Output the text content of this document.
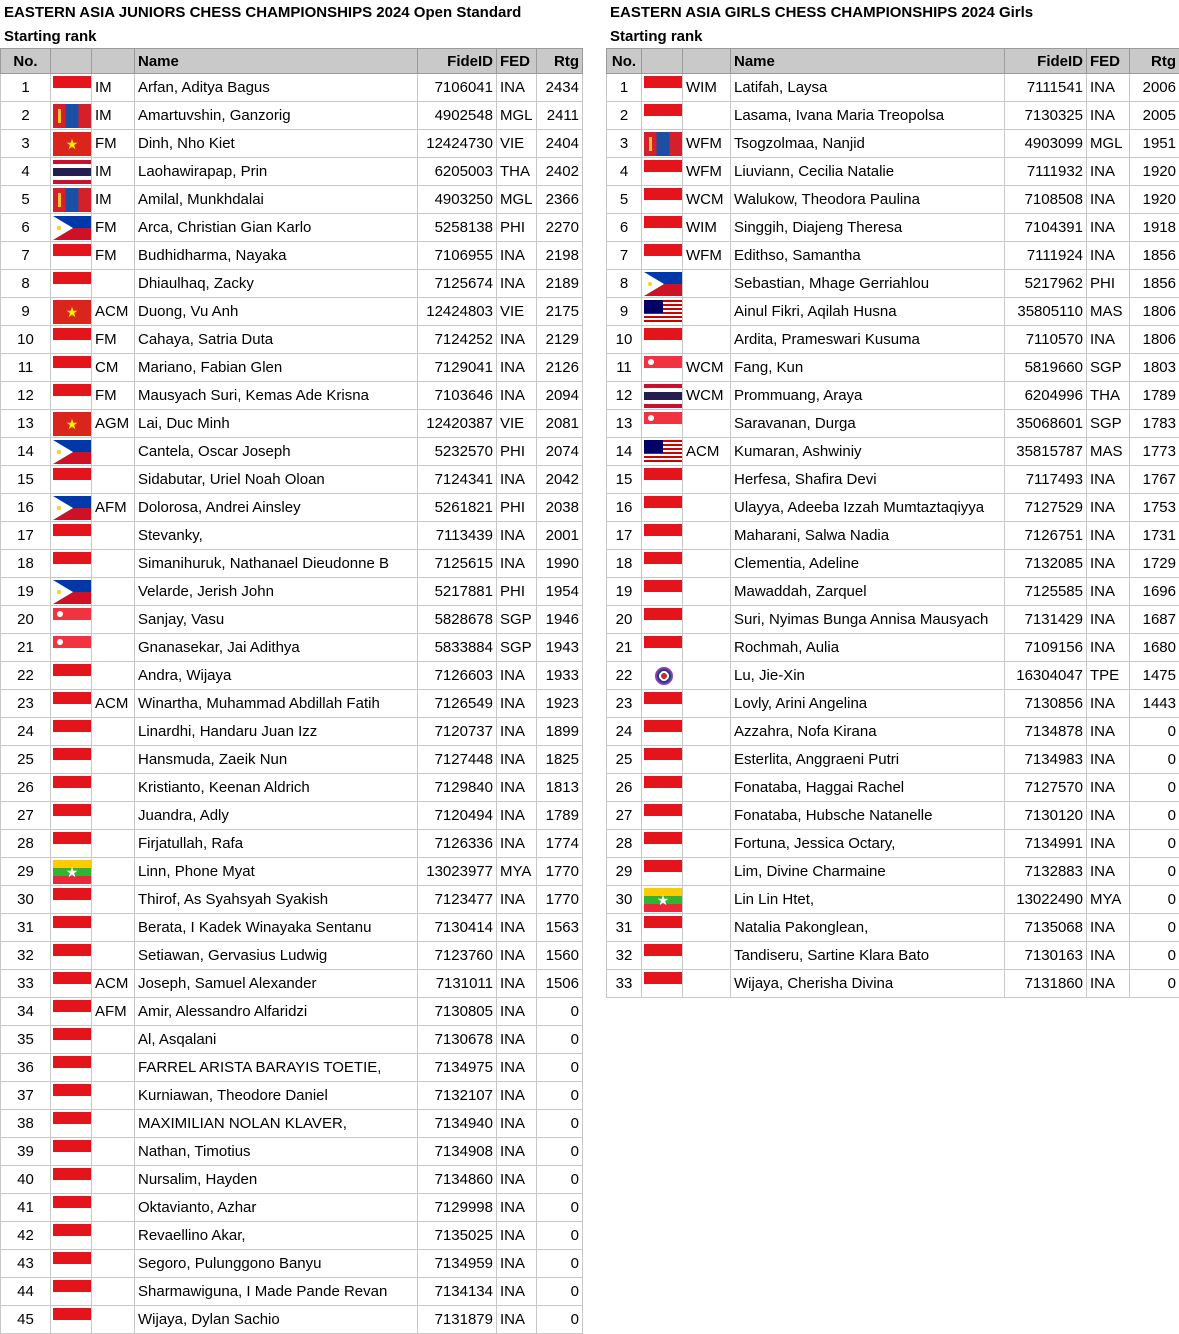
EASTERN ASIA JUNIORS CHESS CHAMPIONSHIPS 2024 Open Standard
Starting rank
No.			Name	FideID	FED	Rtg
1		IM	Arfan, Aditya Bagus	7106041	INA	2434
2		IM	Amartuvshin, Ganzorig	4902548	MGL	2411
3	★	FM	Dinh, Nho Kiet	12424730	VIE	2404
4		IM	Laohawirapap, Prin	6205003	THA	2402
5		IM	Amilal, Munkhdalai	4903250	MGL	2366
6		FM	Arca, Christian Gian Karlo	5258138	PHI	2270
7		FM	Budhidharma, Nayaka	7106955	INA	2198
8			Dhiaulhaq, Zacky	7125674	INA	2189
9	★	ACM	Duong, Vu Anh	12424803	VIE	2175
10		FM	Cahaya, Satria Duta	7124252	INA	2129
11		CM	Mariano, Fabian Glen	7129041	INA	2126
12		FM	Mausyach Suri, Kemas Ade Krisna	7103646	INA	2094
13	★	AGM	Lai, Duc Minh	12420387	VIE	2081
14			Cantela, Oscar Joseph	5232570	PHI	2074
15			Sidabutar, Uriel Noah Oloan	7124341	INA	2042
16		AFM	Dolorosa, Andrei Ainsley	5261821	PHI	2038
17			Stevanky,	7113439	INA	2001
18			Simanihuruk, Nathanael Dieudonne B	7125615	INA	1990
19			Velarde, Jerish John	5217881	PHI	1954
20			Sanjay, Vasu	5828678	SGP	1946
21			Gnanasekar, Jai Adithya	5833884	SGP	1943
22			Andra, Wijaya	7126603	INA	1933
23		ACM	Winartha, Muhammad Abdillah Fatih	7126549	INA	1923
24			Linardhi, Handaru Juan Izz	7120737	INA	1899
25			Hansmuda, Zaeik Nun	7127448	INA	1825
26			Kristianto, Keenan Aldrich	7129840	INA	1813
27			Juandra, Adly	7120494	INA	1789
28			Firjatullah, Rafa	7126336	INA	1774
29	★		Linn, Phone Myat	13023977	MYA	1770
30			Thirof, As Syahsyah Syakish	7123477	INA	1770
31			Berata, I Kadek Winayaka Sentanu	7130414	INA	1563
32			Setiawan, Gervasius Ludwig	7123760	INA	1560
33		ACM	Joseph, Samuel Alexander	7131011	INA	1506
34		AFM	Amir, Alessandro Alfaridzi	7130805	INA	0
35			Al, Asqalani	7130678	INA	0
36			FARREL ARISTA BARAYIS TOETIE,	7134975	INA	0
37			Kurniawan, Theodore Daniel	7132107	INA	0
38			MAXIMILIAN NOLAN KLAVER,	7134940	INA	0
39			Nathan, Timotius	7134908	INA	0
40			Nursalim, Hayden	7134860	INA	0
41			Oktavianto, Azhar	7129998	INA	0
42			Revaellino Akar,	7135025	INA	0
43			Segoro, Pulunggono Banyu	7134959	INA	0
44			Sharmawiguna, I Made Pande Revan	7134134	INA	0
45			Wijaya, Dylan Sachio	7131879	INA	0
EASTERN ASIA GIRLS CHESS CHAMPIONSHIPS 2024 Girls
Starting rank
No.			Name	FideID	FED	Rtg
1		WIM	Latifah, Laysa	7111541	INA	2006
2			Lasama, Ivana Maria Treopolsa	7130325	INA	2005
3		WFM	Tsogzolmaa, Nanjid	4903099	MGL	1951
4		WFM	Liuviann, Cecilia Natalie	7111932	INA	1920
5		WCM	Walukow, Theodora Paulina	7108508	INA	1920
6		WIM	Singgih, Diajeng Theresa	7104391	INA	1918
7		WFM	Edithso, Samantha	7111924	INA	1856
8			Sebastian, Mhage Gerriahlou	5217962	PHI	1856
9			Ainul Fikri, Aqilah Husna	35805110	MAS	1806
10			Ardita, Prameswari Kusuma	7110570	INA	1806
11		WCM	Fang, Kun	5819660	SGP	1803
12		WCM	Prommuang, Araya	6204996	THA	1789
13			Saravanan, Durga	35068601	SGP	1783
14		ACM	Kumaran, Ashwiniy	35815787	MAS	1773
15			Herfesa, Shafira Devi	7117493	INA	1767
16			Ulayya, Adeeba Izzah Mumtaztaqiyya	7127529	INA	1753
17			Maharani, Salwa Nadia	7126751	INA	1731
18			Clementia, Adeline	7132085	INA	1729
19			Mawaddah, Zarquel	7125585	INA	1696
20			Suri, Nyimas Bunga Annisa Mausyach	7131429	INA	1687
21			Rochmah, Aulia	7109156	INA	1680
22			Lu, Jie-Xin	16304047	TPE	1475
23			Lovly, Arini Angelina	7130856	INA	1443
24			Azzahra, Nofa Kirana	7134878	INA	0
25			Esterlita, Anggraeni Putri	7134983	INA	0
26			Fonataba, Haggai Rachel	7127570	INA	0
27			Fonataba, Hubsche Natanelle	7130120	INA	0
28			Fortuna, Jessica Octary,	7134991	INA	0
29			Lim, Divine Charmaine	7132883	INA	0
30	★		Lin Lin Htet,	13022490	MYA	0
31			Natalia Pakonglean,	7135068	INA	0
32			Tandiseru, Sartine Klara Bato	7130163	INA	0
33			Wijaya, Cherisha Divina	7131860	INA	0
